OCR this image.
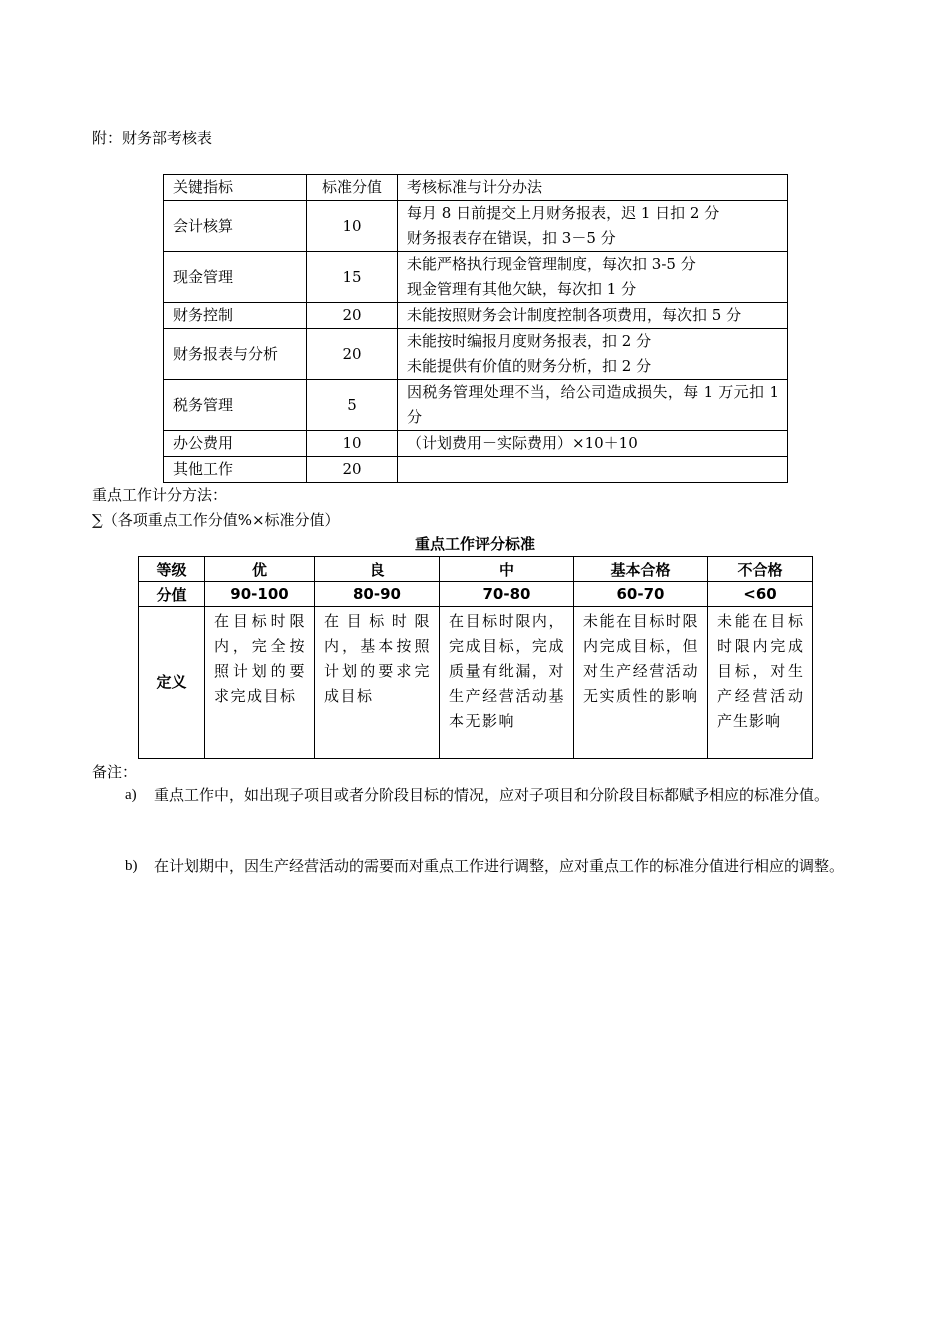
附：财务部考核表
关键指标	标准分值	考核标准与计分办法
会计核算	10	每月 8 日前提交上月财务报表，迟 1 日扣 2 分
财务报表存在错误，扣 3－5 分

现金管理	15	未能严格执行现金管理制度，每次扣 3-5 分
现金管理有其他欠缺，每次扣 1 分

财务控制	20	未能按照财务会计制度控制各项费用，每次扣 5 分

财务报表与分析	20	未能按时编报月度财务报表，扣 2 分
未能提供有价值的财务分析，扣 2 分

税务管理	5	因税务管理处理不当，给公司造成损失，每 1 万元扣 1 分

办公费用	10	（计划费用－实际费用）×10＋10

其他工作	20	
重点工作计分方法：
∑（各项重点工作分值%×标准分值）
重点工作评分标准
等级	优	良	中	基本合格	不合格
分值	90-100	80-90	70-80	60-70	<60
定义	在目标时限内，完全按照计划的要求完成目标	在目标时限内，基本按照计划的要求完成目标	在目标时限内，完成目标，完成质量有纰漏，对生产经营活动基本无影响	未能在目标时限内完成目标，但对生产经营活动无实质性的影响	未能在目标时限内完成目标，对生产经营活动产生影响
备注：
a) 重点工作中，如出现子项目或者分阶段目标的情况，应对子项目和分阶段目标都赋予相应的标准分值。
b) 在计划期中，因生产经营活动的需要而对重点工作进行调整，应对重点工作的标准分值进行相应的调整。
